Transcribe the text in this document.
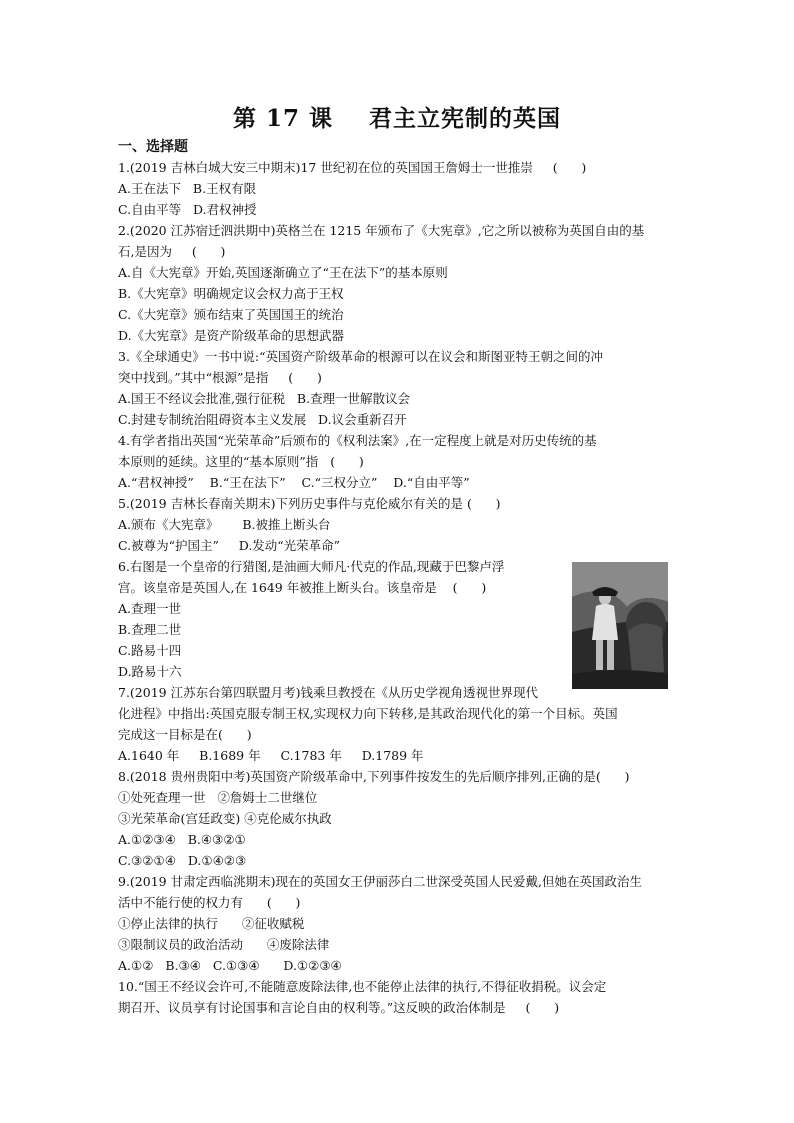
第 17 课    君主立宪制的英国
一、选择题
1.(2019 吉林白城大安三中期末)17 世纪初在位的英国国王詹姆士一世推崇     (      )
A.王在法下   B.王权有限
C.自由平等   D.君权神授
2.(2020 江苏宿迁泗洪期中)英格兰在 1215 年颁布了《大宪章》,它之所以被称为英国自由的基
石,是因为     (      )
A.自《大宪章》开始,英国逐渐确立了“王在法下”的基本原则
B.《大宪章》明确规定议会权力高于王权
C.《大宪章》颁布结束了英国国王的统治
D.《大宪章》是资产阶级革命的思想武器
3.《全球通史》一书中说:“英国资产阶级革命的根源可以在议会和斯图亚特王朝之间的冲
突中找到。”其中“根源”是指     (      )
A.国王不经议会批准,强行征税   B.查理一世解散议会
C.封建专制统治阻碍资本主义发展   D.议会重新召开
4.有学者指出英国“光荣革命”后颁布的《权利法案》,在一定程度上就是对历史传统的基
本原则的延续。这里的“基本原则”指   (      )
A.“君权神授”    B.“王在法下”    C.“三权分立”    D.“自由平等”
5.(2019 吉林长春南关期末)下列历史事件与克伦威尔有关的是 (      )
A.颁布《大宪章》      B.被推上断头台
C.被尊为“护国主”     D.发动“光荣革命”
6.右图是一个皇帝的行猎图,是油画大师凡·代克的作品,现藏于巴黎卢浮
宫。该皇帝是英国人,在 1649 年被推上断头台。该皇帝是    (      )
A.查理一世
B.查理二世
C.路易十四
D.路易十六
7.(2019 江苏东台第四联盟月考)钱乘旦教授在《从历史学视角透视世界现代
化进程》中指出:英国克服专制王权,实现权力向下转移,是其政治现代化的第一个目标。英国
完成这一目标是在(      )
A.1640 年     B.1689 年     C.1783 年     D.1789 年
8.(2018 贵州贵阳中考)英国资产阶级革命中,下列事件按发生的先后顺序排列,正确的是(      )
①处死查理一世   ②詹姆士二世继位
③光荣革命(宫廷政变) ④克伦威尔执政
A.①②③④   B.④③②①
C.③②①④   D.①④②③
9.(2019 甘肃定西临洮期末)现在的英国女王伊丽莎白二世深受英国人民爱戴,但她在英国政治生
活中不能行使的权力有      (      )
①停止法律的执行      ②征收赋税
③限制议员的政治活动      ④废除法律
A.①②   B.③④   C.①③④      D.①②③④
10.“国王不经议会许可,不能随意废除法律,也不能停止法律的执行,不得征收捐税。议会定
期召开、议员享有讨论国事和言论自由的权利等。”这反映的政治体制是     (      )
